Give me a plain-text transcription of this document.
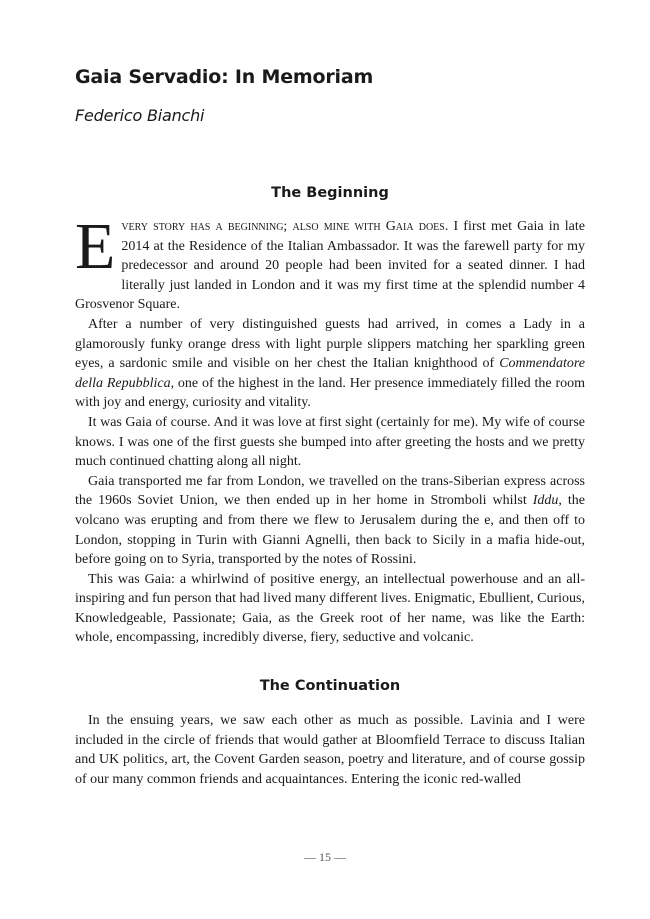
Gaia Servadio: In Memoriam
Federico Bianchi
The Beginning

Every story has a beginning; also mine with Gaia does. I first met Gaia in late 2014 at the Residence of the Italian Ambassador. It was the farewell party for my predecessor and around 20 people had been invited for a seated dinner. I had literally just landed in London and it was my first time at the splendid number 4 Grosvenor Square.

After a number of very distinguished guests had arrived, in comes a Lady in a glamorously funky orange dress with light purple slippers matching her sparkling green eyes, a sardonic smile and visible on her chest the Italian knighthood of Commendatore della Repubblica, one of the highest in the land. Her presence immediately filled the room with joy and energy, curiosity and vitality.

It was Gaia of course. And it was love at first sight (certainly for me). My wife of course knows. I was one of the first guests she bumped into after greeting the hosts and we pretty much continued chatting along all night.

Gaia transported me far from London, we travelled on the trans-Siberian express across the 1960s Soviet Union, we then ended up in her home in Stromboli whilst Iddu, the volcano was erupting and from there we flew to Jerusalem during the e, and then off to London, stopping in Turin with Gianni Agnelli, then back to Sicily in a mafia hide-out, before going on to Syria, transported by the notes of Rossini.

This was Gaia: a whirlwind of positive energy, an intellectual powerhouse and an all-inspiring and fun person that had lived many different lives. Enigmatic, Ebullient, Curious, Knowledgeable, Passionate; Gaia, as the Greek root of her name, was like the Earth: whole, encompassing, incredibly diverse, fiery, seductive and volcanic.

The Continuation

In the ensuing years, we saw each other as much as possible. Lavinia and I were included in the circle of friends that would gather at Bloomfield Terrace to discuss Italian and UK politics, art, the Covent Garden season, poetry and literature, and of course gossip of our many common friends and acquaintances. Entering the iconic red-walled

— 15 —
